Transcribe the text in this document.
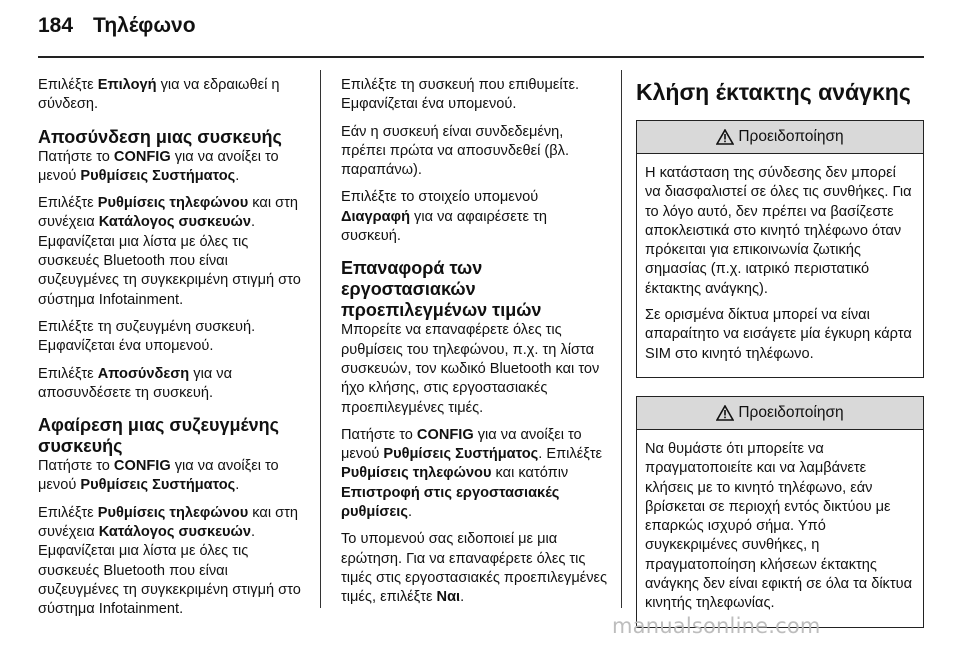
184 Τηλέφωνο

Επιλέξτε Επιλογή για να εδραιωθεί η σύνδεση.

Αποσύνδεση μιας συσκευής

Πατήστε το CONFIG για να ανοίξει το μενού Ρυθμίσεις Συστήματος.

Επιλέξτε Ρυθμίσεις τηλεφώνου και στη συνέχεια Κατάλογος συσκευών. Εμφανίζεται μια λίστα με όλες τις συσκευές Bluetooth που είναι συζευγμένες τη συγκεκριμένη στιγμή στο σύστημα Infotainment.

Επιλέξτε τη συζευγμένη συσκευή. Εμφανίζεται ένα υπομενού.

Επιλέξτε Αποσύνδεση για να αποσυνδέσετε τη συσκευή.

Αφαίρεση μιας συζευγμένης συσκευής

Πατήστε το CONFIG για να ανοίξει το μενού Ρυθμίσεις Συστήματος.

Επιλέξτε Ρυθμίσεις τηλεφώνου και στη συνέχεια Κατάλογος συσκευών. Εμφανίζεται μια λίστα με όλες τις συσκευές Bluetooth που είναι συζευγμένες τη συγκεκριμένη στιγμή στο σύστημα Infotainment.

Επιλέξτε τη συσκευή που επιθυμείτε. Εμφανίζεται ένα υπομενού.

Εάν η συσκευή είναι συνδεδεμένη, πρέπει πρώτα να αποσυνδεθεί (βλ. παραπάνω).

Επιλέξτε το στοιχείο υπομενού Διαγραφή για να αφαιρέσετε τη συσκευή.

Επαναφορά των εργοστασιακών προεπιλεγμένων τιμών

Μπορείτε να επαναφέρετε όλες τις ρυθμίσεις του τηλεφώνου, π.χ. τη λίστα συσκευών, τον κωδικό Bluetooth και τον ήχο κλήσης, στις εργοστασιακές προεπιλεγμένες τιμές.

Πατήστε το CONFIG για να ανοίξει το μενού Ρυθμίσεις Συστήματος. Επιλέξτε Ρυθμίσεις τηλεφώνου και κατόπιν Επιστροφή στις εργοστασιακές ρυθμίσεις.

Το υπομενού σας ειδοποιεί με μια ερώτηση. Για να επαναφέρετε όλες τις τιμές στις εργοστασιακές προεπιλεγμένες τιμές, επιλέξτε Ναι.

Κλήση έκτακτης ανάγκης
Προειδοποίηση

Η κατάσταση της σύνδεσης δεν μπορεί να διασφαλιστεί σε όλες τις συνθήκες. Για το λόγο αυτό, δεν πρέπει να βασίζεστε αποκλειστικά στο κινητό τηλέφωνο όταν πρόκειται για επικοινωνία ζωτικής σημασίας (π.χ. ιατρικό περιστατικό έκτακτης ανάγκης).

Σε ορισμένα δίκτυα μπορεί να είναι απαραίτητο να εισάγετε μία έγκυρη κάρτα SIM στο κινητό τηλέφωνο.

Προειδοποίηση

Να θυμάστε ότι μπορείτε να πραγματοποιείτε και να λαμβάνετε κλήσεις με το κινητό τηλέφωνο, εάν βρίσκεται σε περιοχή εντός δικτύου με επαρκώς ισχυρό σήμα. Υπό συγκεκριμένες συνθήκες, η πραγματοποίηση κλήσεων έκτακτης ανάγκης δεν είναι εφικτή σε όλα τα δίκτυα κινητής τηλεφωνίας.

manualsonline.com
